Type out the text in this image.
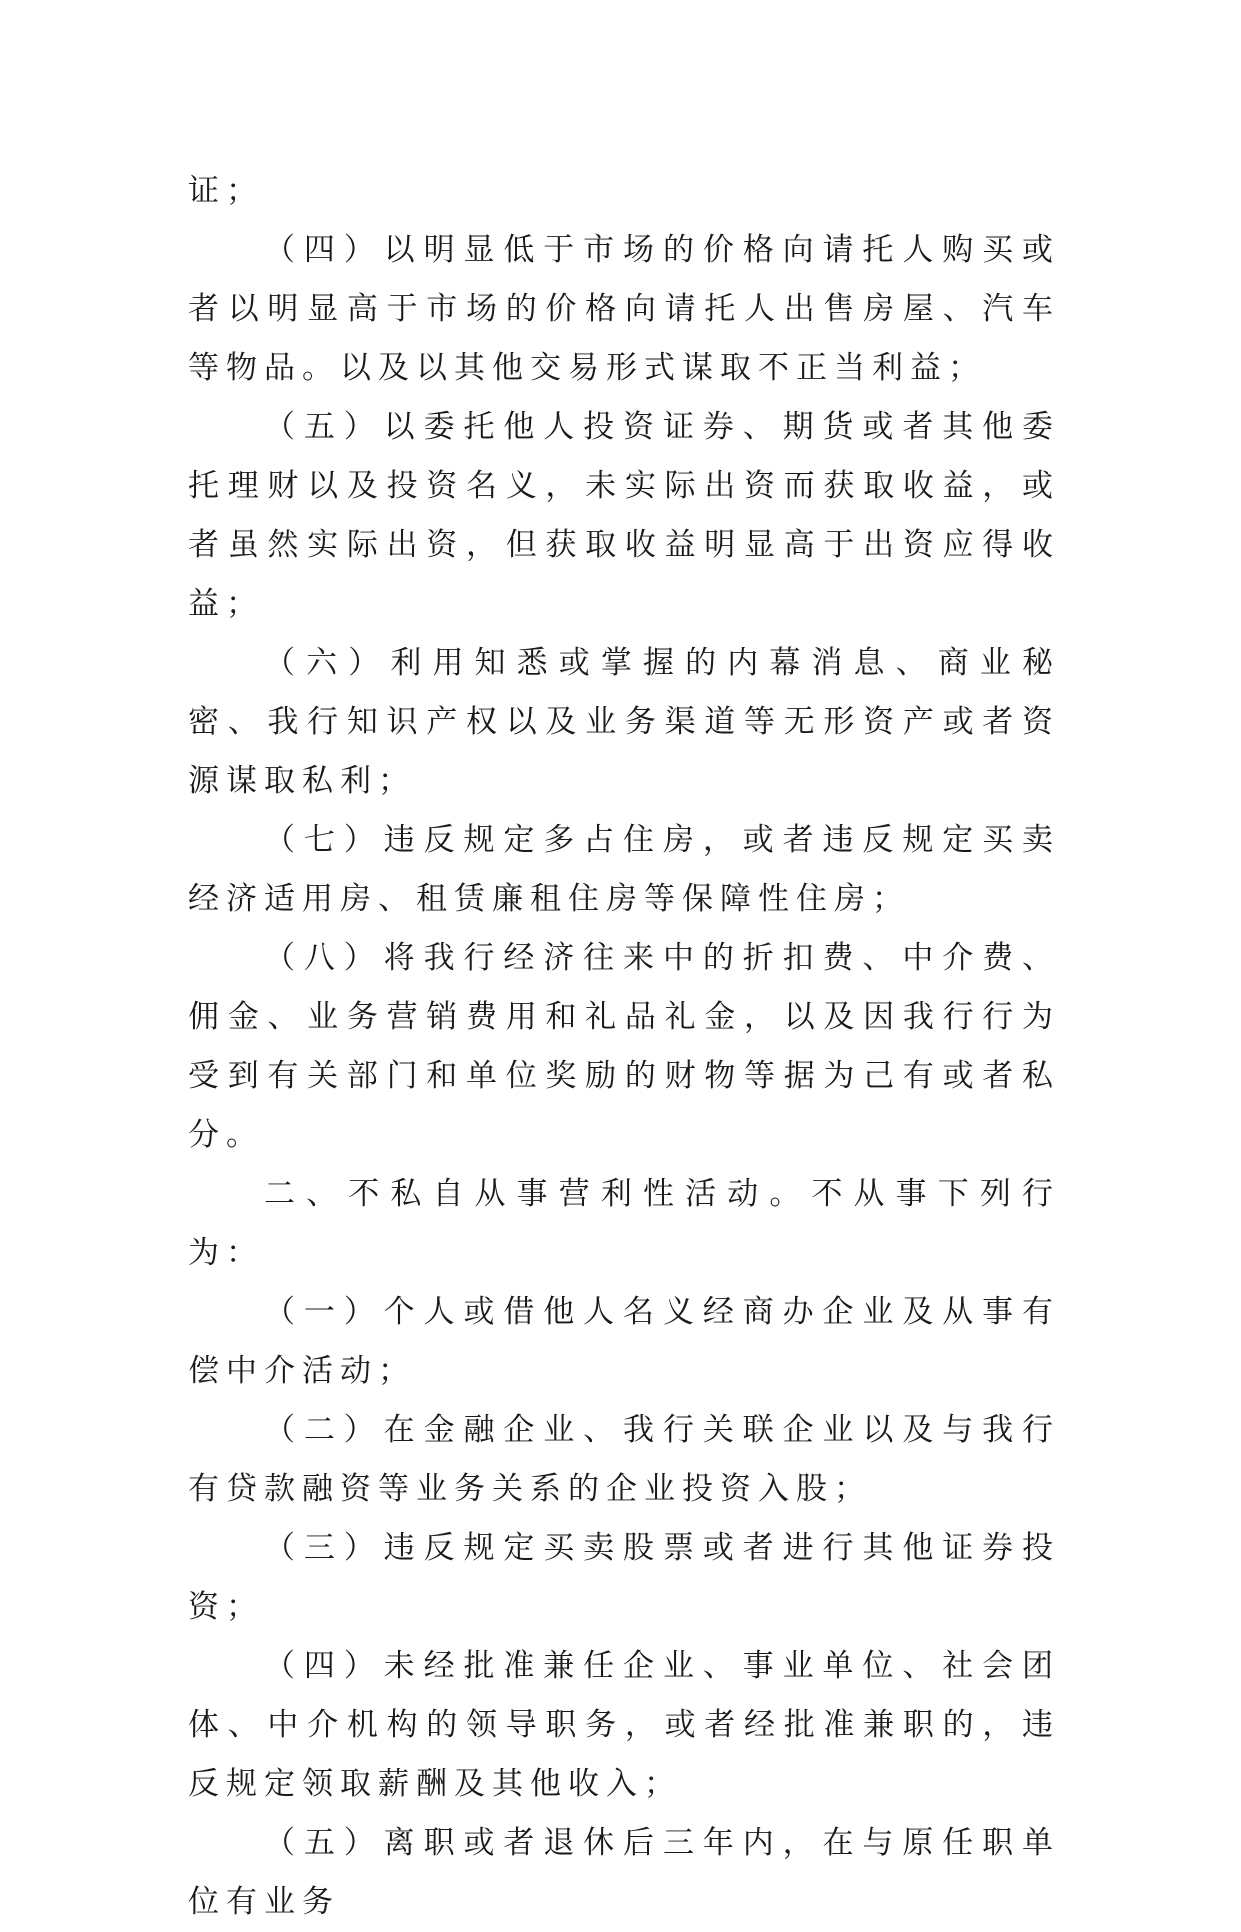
证；

（四）以明显低于市场的价格向请托人购买或者以明显高于市场的价格向请托人出售房屋、汽车等物品。以及以其他交易形式谋取不正当利益；

（五）以委托他人投资证券、期货或者其他委托理财以及投资名义，未实际出资而获取收益，或者虽然实际出资，但获取收益明显高于出资应得收益；

（六）利用知悉或掌握的内幕消息、商业秘密、我行知识产权以及业务渠道等无形资产或者资源谋取私利；

（七）违反规定多占住房，或者违反规定买卖经济适用房、租赁廉租住房等保障性住房；

（八）将我行经济往来中的折扣费、中介费、佣金、业务营销费用和礼品礼金，以及因我行行为受到有关部门和单位奖励的财物等据为己有或者私分。

二、不私自从事营利性活动。不从事下列行为：

（一）个人或借他人名义经商办企业及从事有偿中介活动；

（二）在金融企业、我行关联企业以及与我行有贷款融资等业务关系的企业投资入股；

（三）违反规定买卖股票或者进行其他证券投资；

（四）未经批准兼任企业、事业单位、社会团体、中介机构的领导职务，或者经批准兼职的，违反规定领取薪酬及其他收入；

（五）离职或者退休后三年内，在与原任职单位有业务
